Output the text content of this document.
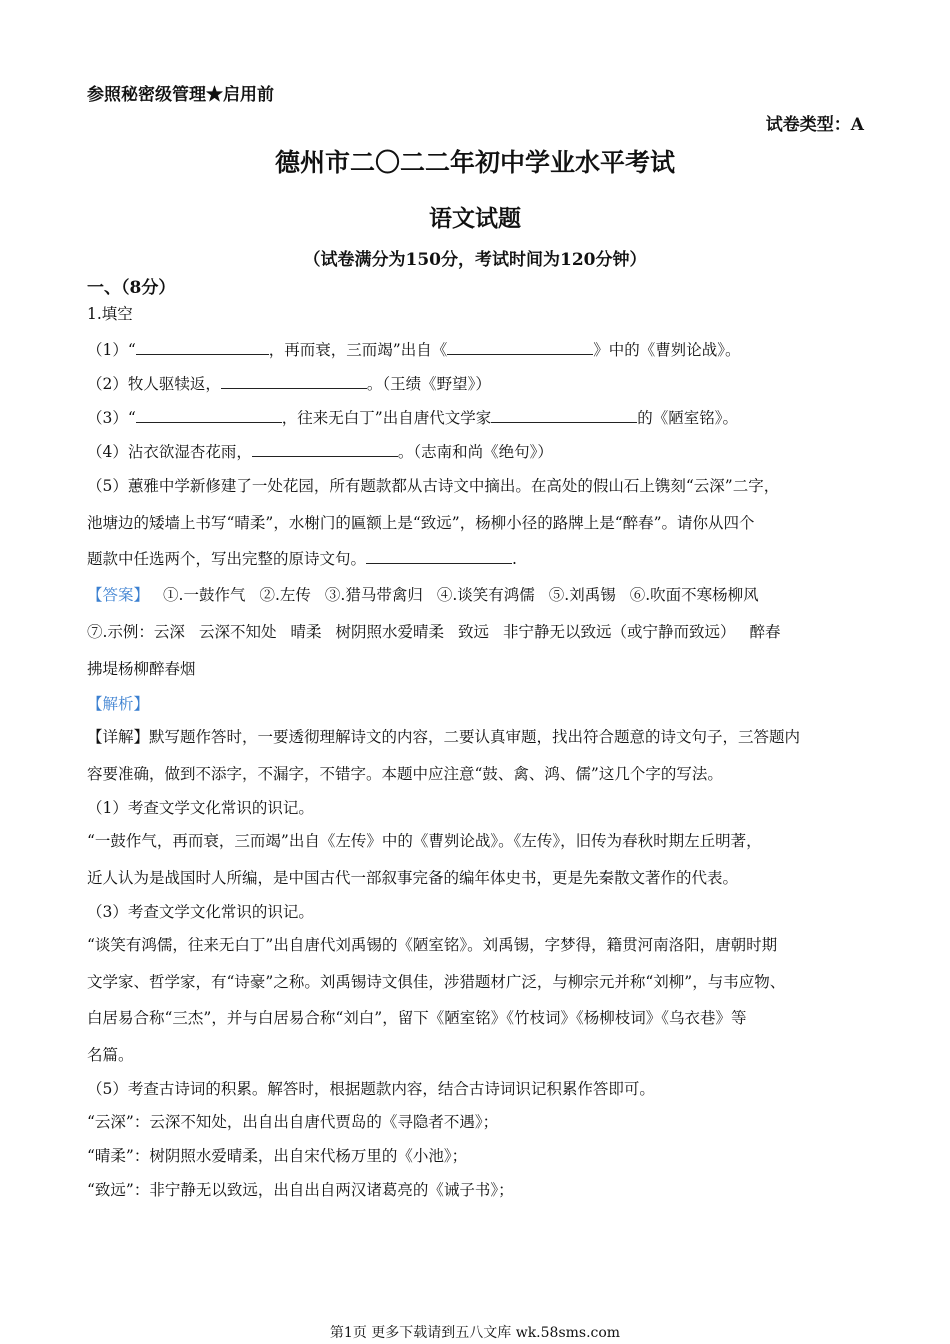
参照秘密级管理★启用前
试卷类型：A
德州市二〇二二年初中学业水平考试
语文试题
（试卷满分为150分，考试时间为120分钟）
一、（8分）
1.填空
（1）“	，再而衰，三而竭”出自《	》中的《曹刿论战》。
（2）牧人驱犊返，	。（王绩《野望》）
（3）“	，往来无白丁”出自唐代文学家	的《陋室铭》。
（4）沾衣欲湿杏花雨，	。（志南和尚《绝句》）
（5）蕙雅中学新修建了一处花园，所有题款都从古诗文中摘出。在高处的假山石上镌刻“云深”二字，
池塘边的矮墙上书写“晴柔”，水榭门的匾额上是“致远”，杨柳小径的路牌上是“醉春”。请你从四个
题款中任选两个，写出完整的原诗文句。	.
【答案】 ①.一鼓作气 ②.左传 ③.猎马带禽归 ④.谈笑有鸿儒 ⑤.刘禹锡 ⑥.吹面不寒杨柳风
⑦.示例：云深 云深不知处 晴柔 树阴照水爱晴柔 致远 非宁静无以致远（或宁静而致远） 醉春
拂堤杨柳醉春烟
【解析】
【详解】默写题作答时，一要透彻理解诗文的内容，二要认真审题，找出符合题意的诗文句子，三答题内
容要准确，做到不添字，不漏字，不错字。本题中应注意“鼓、禽、鸿、儒”这几个字的写法。
（1）考查文学文化常识的识记。
“一鼓作气，再而衰，三而竭”出自《左传》中的《曹刿论战》。《左传》，旧传为春秋时期左丘明著，
近人认为是战国时人所编，是中国古代一部叙事完备的编年体史书，更是先秦散文著作的代表。
（3）考查文学文化常识的识记。
“谈笑有鸿儒，往来无白丁”出自唐代刘禹锡的《陋室铭》。刘禹锡，字梦得，籍贯河南洛阳，唐朝时期
文学家、哲学家，有“诗豪”之称。刘禹锡诗文俱佳，涉猎题材广泛，与柳宗元并称“刘柳”，与韦应物、
白居易合称“三杰”，并与白居易合称“刘白”，留下《陋室铭》《竹枝词》《杨柳枝词》《乌衣巷》等
名篇。
（5）考查古诗词的积累。解答时，根据题款内容，结合古诗词识记积累作答即可。
“云深”：云深不知处，出自出自唐代贾岛的《寻隐者不遇》；
“晴柔”：树阴照水爱晴柔，出自宋代杨万里的《小池》；
“致远”：非宁静无以致远，出自出自两汉诸葛亮的《诫子书》；
第1页 更多下载请到五八文库 wk.58sms.com
